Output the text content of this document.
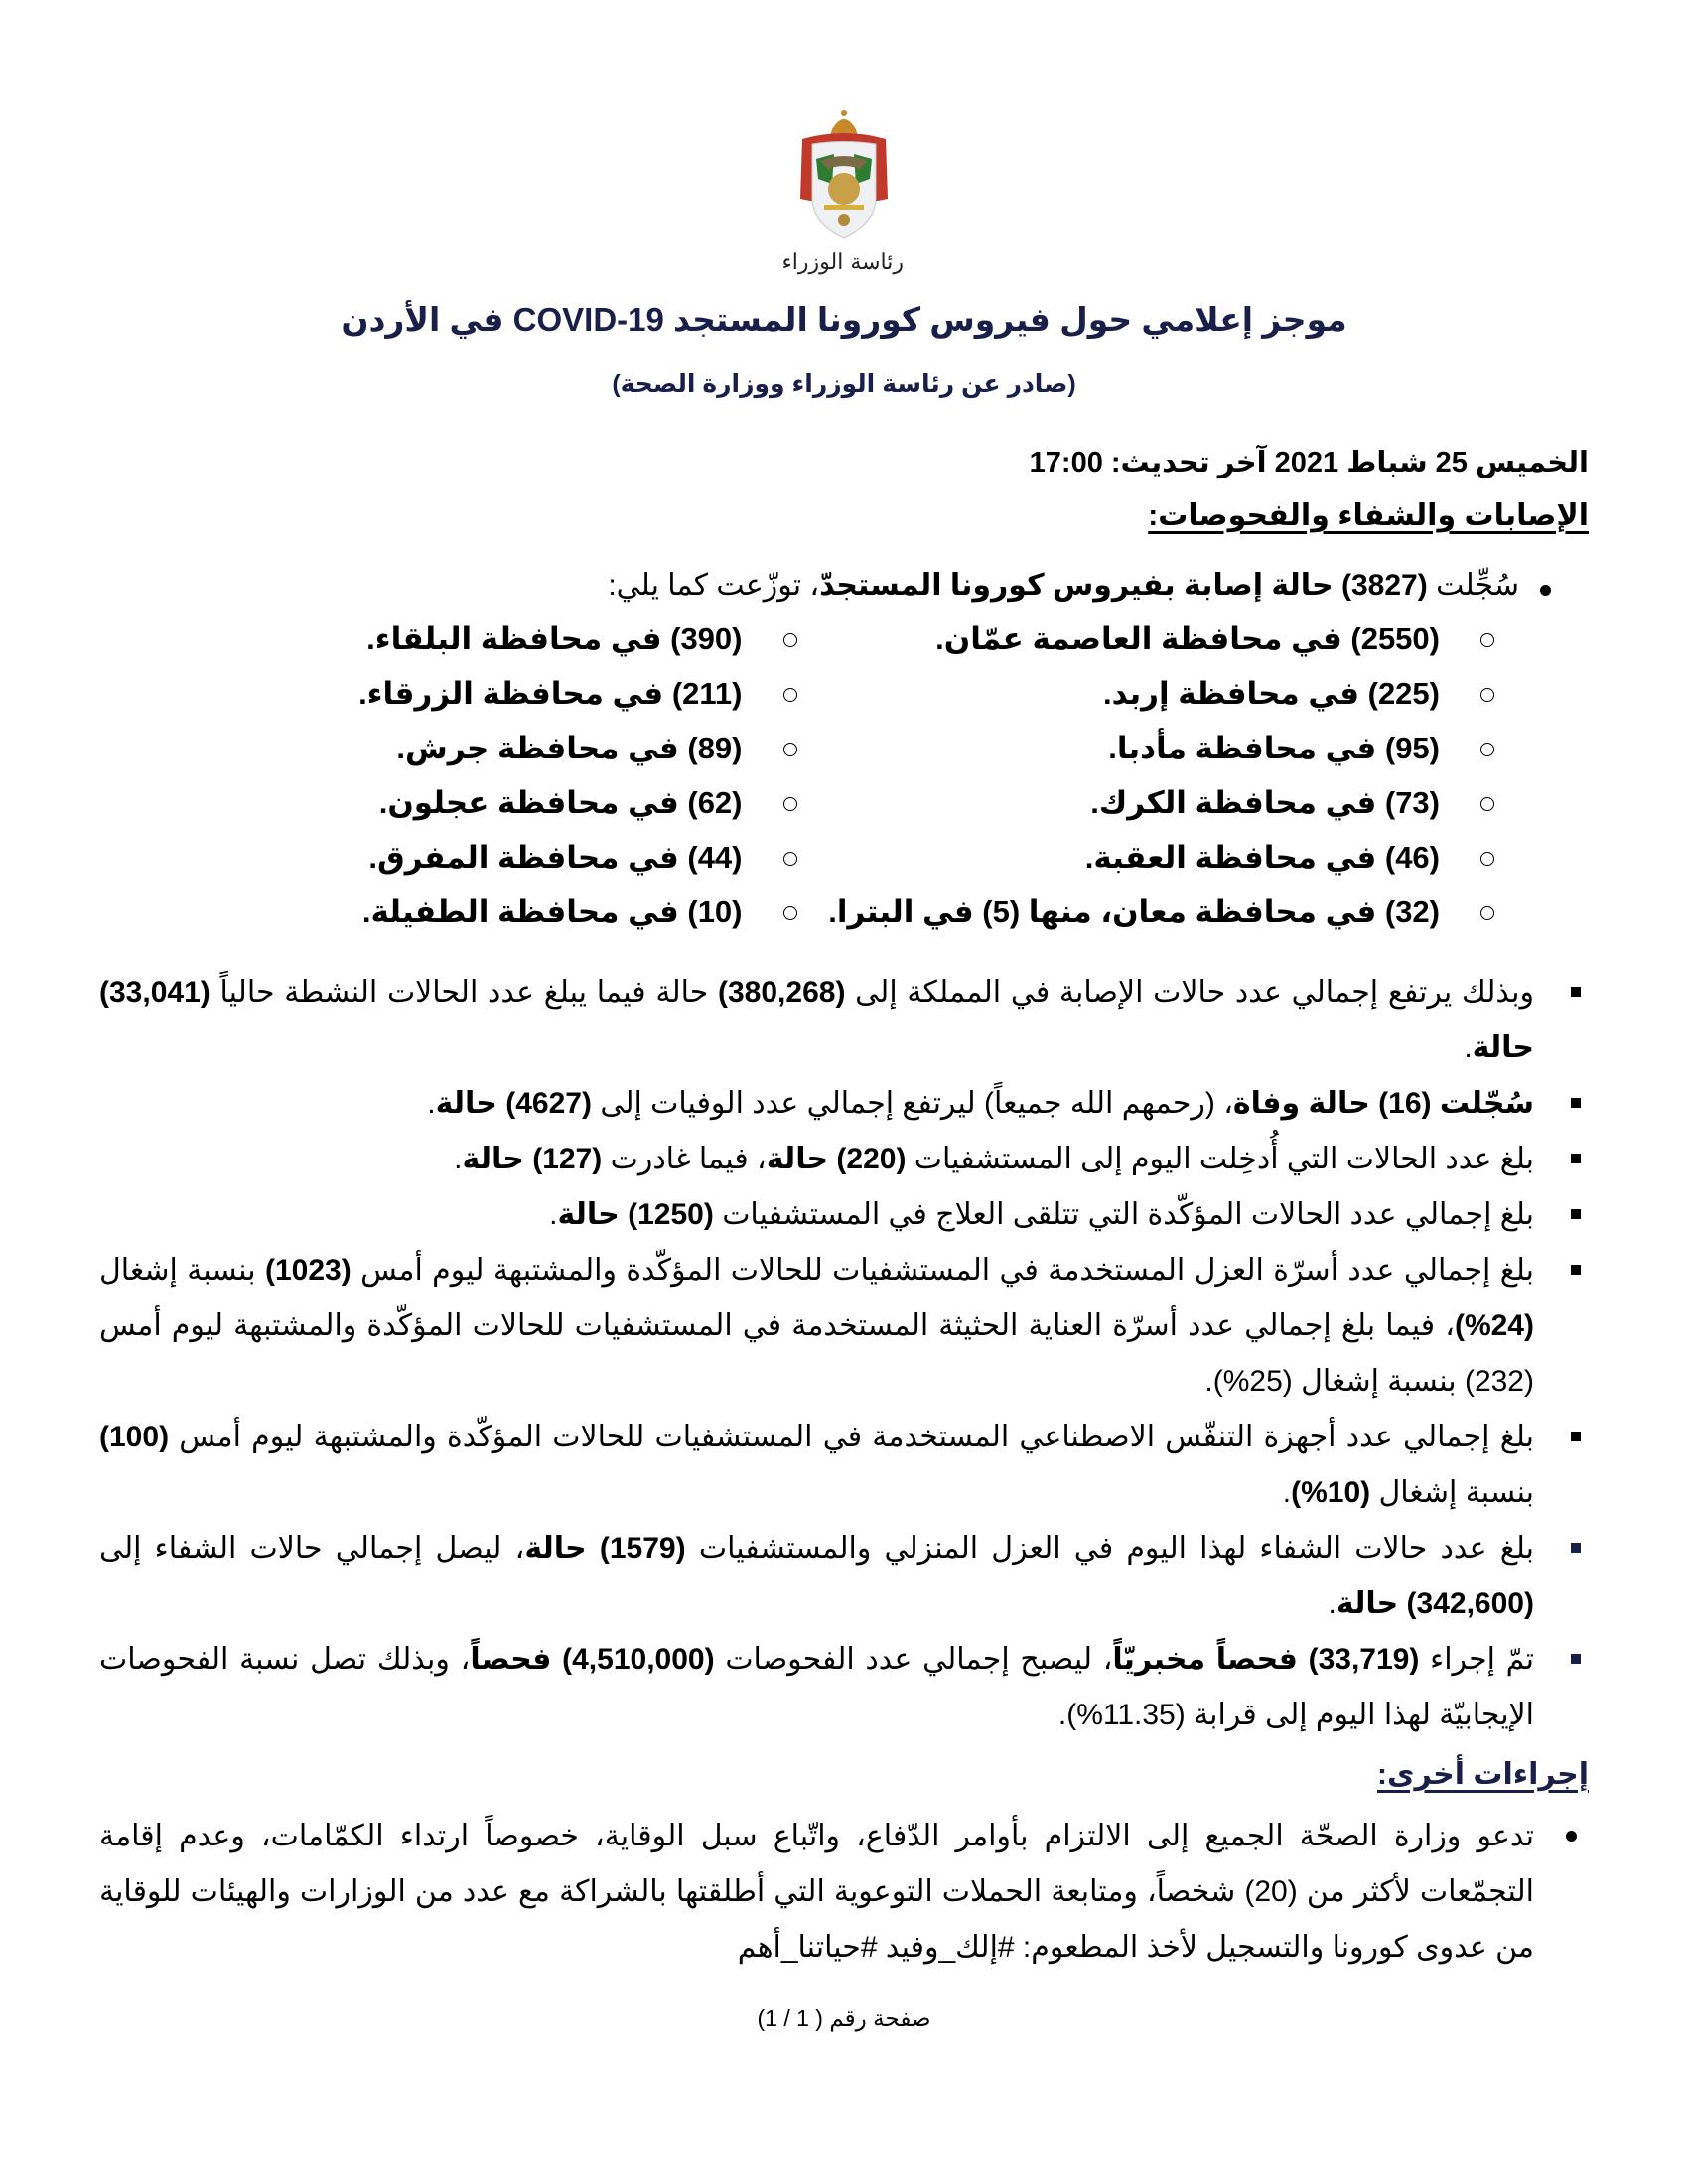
رئاسة الوزراء
موجز إعلامي حول فيروس كورونا المستجد COVID-19 في الأردن
(صادر عن رئاسة الوزراء ووزارة الصحة)
الخميس 25 شباط 2021 آخر تحديث: 17:00
الإصابات والشفاء والفحوصات:
سُجِّلت (3827) حالة إصابة بفيروس كورونا المستجدّ، توزّعت كما يلي:
(2550) في محافظة العاصمة عمّان.
(390) في محافظة البلقاء.
(225) في محافظة إربد.
(211) في محافظة الزرقاء.
(95) في محافظة مأدبا.
(89) في محافظة جرش.
(73) في محافظة الكرك.
(62) في محافظة عجلون.
(46) في محافظة العقبة.
(44) في محافظة المفرق.
(32) في محافظة معان، منها (5) في البترا.
(10) في محافظة الطفيلة.
وبذلك يرتفع إجمالي عدد حالات الإصابة في المملكة إلى (380,268) حالة فيما يبلغ عدد الحالات النشطة حالياً (33,041) حالة.
سُجّلت (16) حالة وفاة، (رحمهم الله جميعاً) ليرتفع إجمالي عدد الوفيات إلى (4627) حالة.
بلغ عدد الحالات التي أُدخِلت اليوم إلى المستشفيات (220) حالة، فيما غادرت (127) حالة.
بلغ إجمالي عدد الحالات المؤكّدة التي تتلقى العلاج في المستشفيات (1250) حالة.
بلغ إجمالي عدد أسرّة العزل المستخدمة في المستشفيات للحالات المؤكّدة والمشتبهة ليوم أمس (1023) بنسبة إشغال (24%)، فيما بلغ إجمالي عدد أسرّة العناية الحثيثة المستخدمة في المستشفيات للحالات المؤكّدة والمشتبهة ليوم أمس (232) بنسبة إشغال (25%).
بلغ إجمالي عدد أجهزة التنفّس الاصطناعي المستخدمة في المستشفيات للحالات المؤكّدة والمشتبهة ليوم أمس (100) بنسبة إشغال (10%).
بلغ عدد حالات الشفاء لهذا اليوم في العزل المنزلي والمستشفيات (1579) حالة، ليصل إجمالي حالات الشفاء إلى (342,600) حالة.
تمّ إجراء (33,719) فحصاً مخبريّاً، ليصبح إجمالي عدد الفحوصات (4,510,000) فحصاً، وبذلك تصل نسبة الفحوصات الإيجابيّة لهذا اليوم إلى قرابة (11.35%).
إجراءات أخرى:
تدعو وزارة الصحّة الجميع إلى الالتزام بأوامر الدّفاع، واتّباع سبل الوقاية، خصوصاً ارتداء الكمّامات، وعدم إقامة التجمّعات لأكثر من (20) شخصاً، ومتابعة الحملات التوعوية التي أطلقتها بالشراكة مع عدد من الوزارات والهيئات للوقاية من عدوى كورونا والتسجيل لأخذ المطعوم: #إلك_وفيد #حياتنا_أهم
صفحة رقم ( 1 / 1)
